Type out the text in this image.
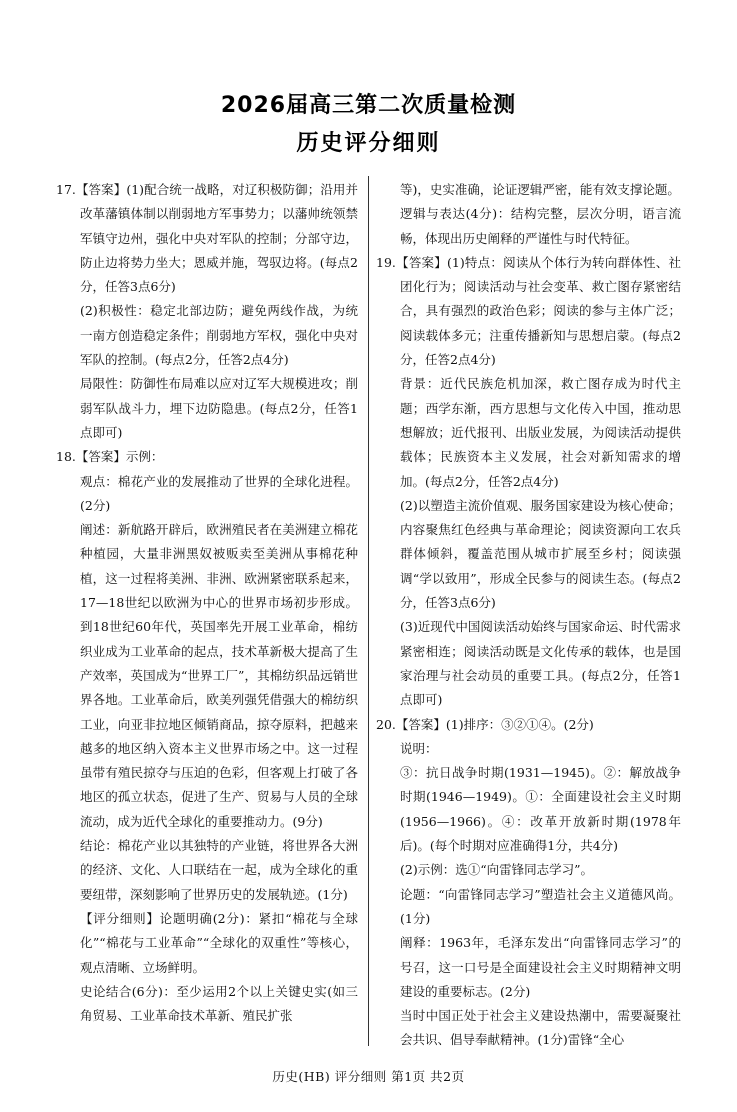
2026届高三第二次质量检测
历史评分细则

17.【答案】(1)配合统一战略，对辽积极防御；沿用并改革藩镇体制以削弱地方军事势力；以藩帅统领禁军镇守边州，强化中央对军队的控制；分部守边，防止边将势力坐大；恩威并施，驾驭边将。(每点2分，任答3点6分)

(2)积极性：稳定北部边防；避免两线作战，为统一南方创造稳定条件；削弱地方军权，强化中央对军队的控制。(每点2分，任答2点4分)

局限性：防御性布局难以应对辽军大规模进攻；削弱军队战斗力，埋下边防隐患。(每点2分，任答1点即可)

18.【答案】示例：

观点：棉花产业的发展推动了世界的全球化进程。(2分)

阐述：新航路开辟后，欧洲殖民者在美洲建立棉花种植园，大量非洲黑奴被贩卖至美洲从事棉花种植，这一过程将美洲、非洲、欧洲紧密联系起来，17—18世纪以欧洲为中心的世界市场初步形成。到18世纪60年代，英国率先开展工业革命，棉纺织业成为工业革命的起点，技术革新极大提高了生产效率，英国成为“世界工厂”，其棉纺织品远销世界各地。工业革命后，欧美列强凭借强大的棉纺织工业，向亚非拉地区倾销商品，掠夺原料，把越来越多的地区纳入资本主义世界市场之中。这一过程虽带有殖民掠夺与压迫的色彩，但客观上打破了各地区的孤立状态，促进了生产、贸易与人员的全球流动，成为近代全球化的重要推动力。(9分)

结论：棉花产业以其独特的产业链，将世界各大洲的经济、文化、人口联结在一起，成为全球化的重要纽带，深刻影响了世界历史的发展轨迹。(1分)

【评分细则】论题明确(2分)：紧扣“棉花与全球化”“棉花与工业革命”“全球化的双重性”等核心，观点清晰、立场鲜明。

史论结合(6分)：至少运用2个以上关键史实(如三角贸易、工业革命技术革新、殖民扩张

等)，史实准确，论证逻辑严密，能有效支撑论题。

逻辑与表达(4分)：结构完整，层次分明，语言流畅，体现出历史阐释的严谨性与时代特征。

19.【答案】(1)特点：阅读从个体行为转向群体性、社团化行为；阅读活动与社会变革、救亡图存紧密结合，具有强烈的政治色彩；阅读的参与主体广泛；阅读载体多元；注重传播新知与思想启蒙。(每点2分，任答2点4分)

背景：近代民族危机加深，救亡图存成为时代主题；西学东渐，西方思想与文化传入中国，推动思想解放；近代报刊、出版业发展，为阅读活动提供载体；民族资本主义发展，社会对新知需求的增加。(每点2分，任答2点4分)

(2)以塑造主流价值观、服务国家建设为核心使命；内容聚焦红色经典与革命理论；阅读资源向工农兵群体倾斜，覆盖范围从城市扩展至乡村；阅读强调“学以致用”，形成全民参与的阅读生态。(每点2分，任答3点6分)

(3)近现代中国阅读活动始终与国家命运、时代需求紧密相连；阅读活动既是文化传承的载体，也是国家治理与社会动员的重要工具。(每点2分，任答1点即可)

20.【答案】(1)排序：③②①④。(2分)

说明：

③：抗日战争时期(1931—1945)。②：解放战争时期(1946—1949)。①：全面建设社会主义时期(1956—1966)。④：改革开放新时期(1978年后)。(每个时期对应准确得1分，共4分)

(2)示例：选①“向雷锋同志学习”。

论题：“向雷锋同志学习”塑造社会主义道德风尚。(1分)

阐释：1963年，毛泽东发出“向雷锋同志学习”的号召，这一口号是全面建设社会主义时期精神文明建设的重要标志。(2分)

当时中国正处于社会主义建设热潮中，需要凝聚社会共识、倡导奉献精神。(1分)雷锋“全心

历史(HB) 评分细则 第1页 共2页
